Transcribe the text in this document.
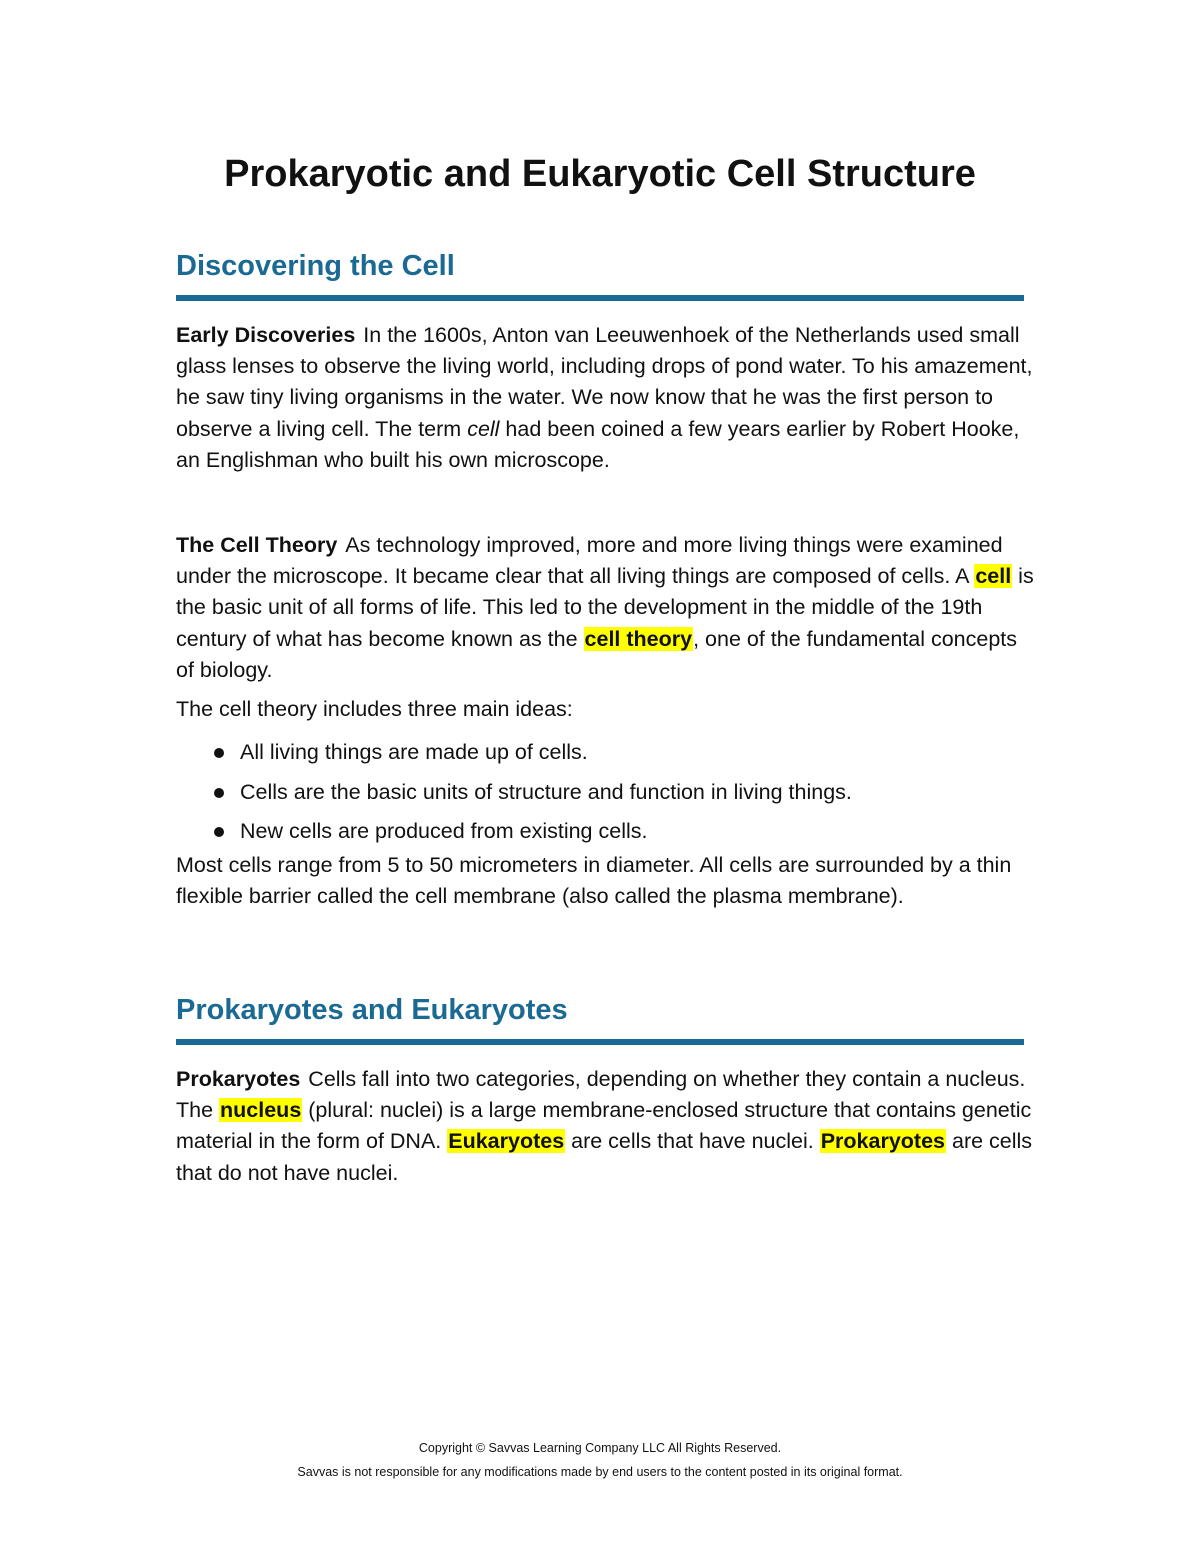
Prokaryotic and Eukaryotic Cell Structure
Discovering the Cell

Early Discoveries In the 1600s, Anton van Leeuwenhoek of the Netherlands used small glass lenses to observe the living world, including drops of pond water. To his amazement, he saw tiny living organisms in the water. We now know that he was the first person to observe a living cell. The term cell had been coined a few years earlier by Robert Hooke, an Englishman who built his own microscope.

The Cell Theory As technology improved, more and more living things were examined under the microscope. It became clear that all living things are composed of cells. A cell is the basic unit of all forms of life. This led to the development in the middle of the 19th century of what has become known as the cell theory, one of the fundamental concepts of biology.

The cell theory includes three main ideas:

All living things are made up of cells.
Cells are the basic units of structure and function in living things.
New cells are produced from existing cells.

Most cells range from 5 to 50 micrometers in diameter. All cells are surrounded by a thin flexible barrier called the cell membrane (also called the plasma membrane).

Prokaryotes and Eukaryotes

Prokaryotes Cells fall into two categories, depending on whether they contain a nucleus. The nucleus (plural: nuclei) is a large membrane-enclosed structure that contains genetic material in the form of DNA. Eukaryotes are cells that have nuclei. Prokaryotes are cells that do not have nuclei.

Copyright © Savvas Learning Company LLC All Rights Reserved.

Savvas is not responsible for any modifications made by end users to the content posted in its original format.
